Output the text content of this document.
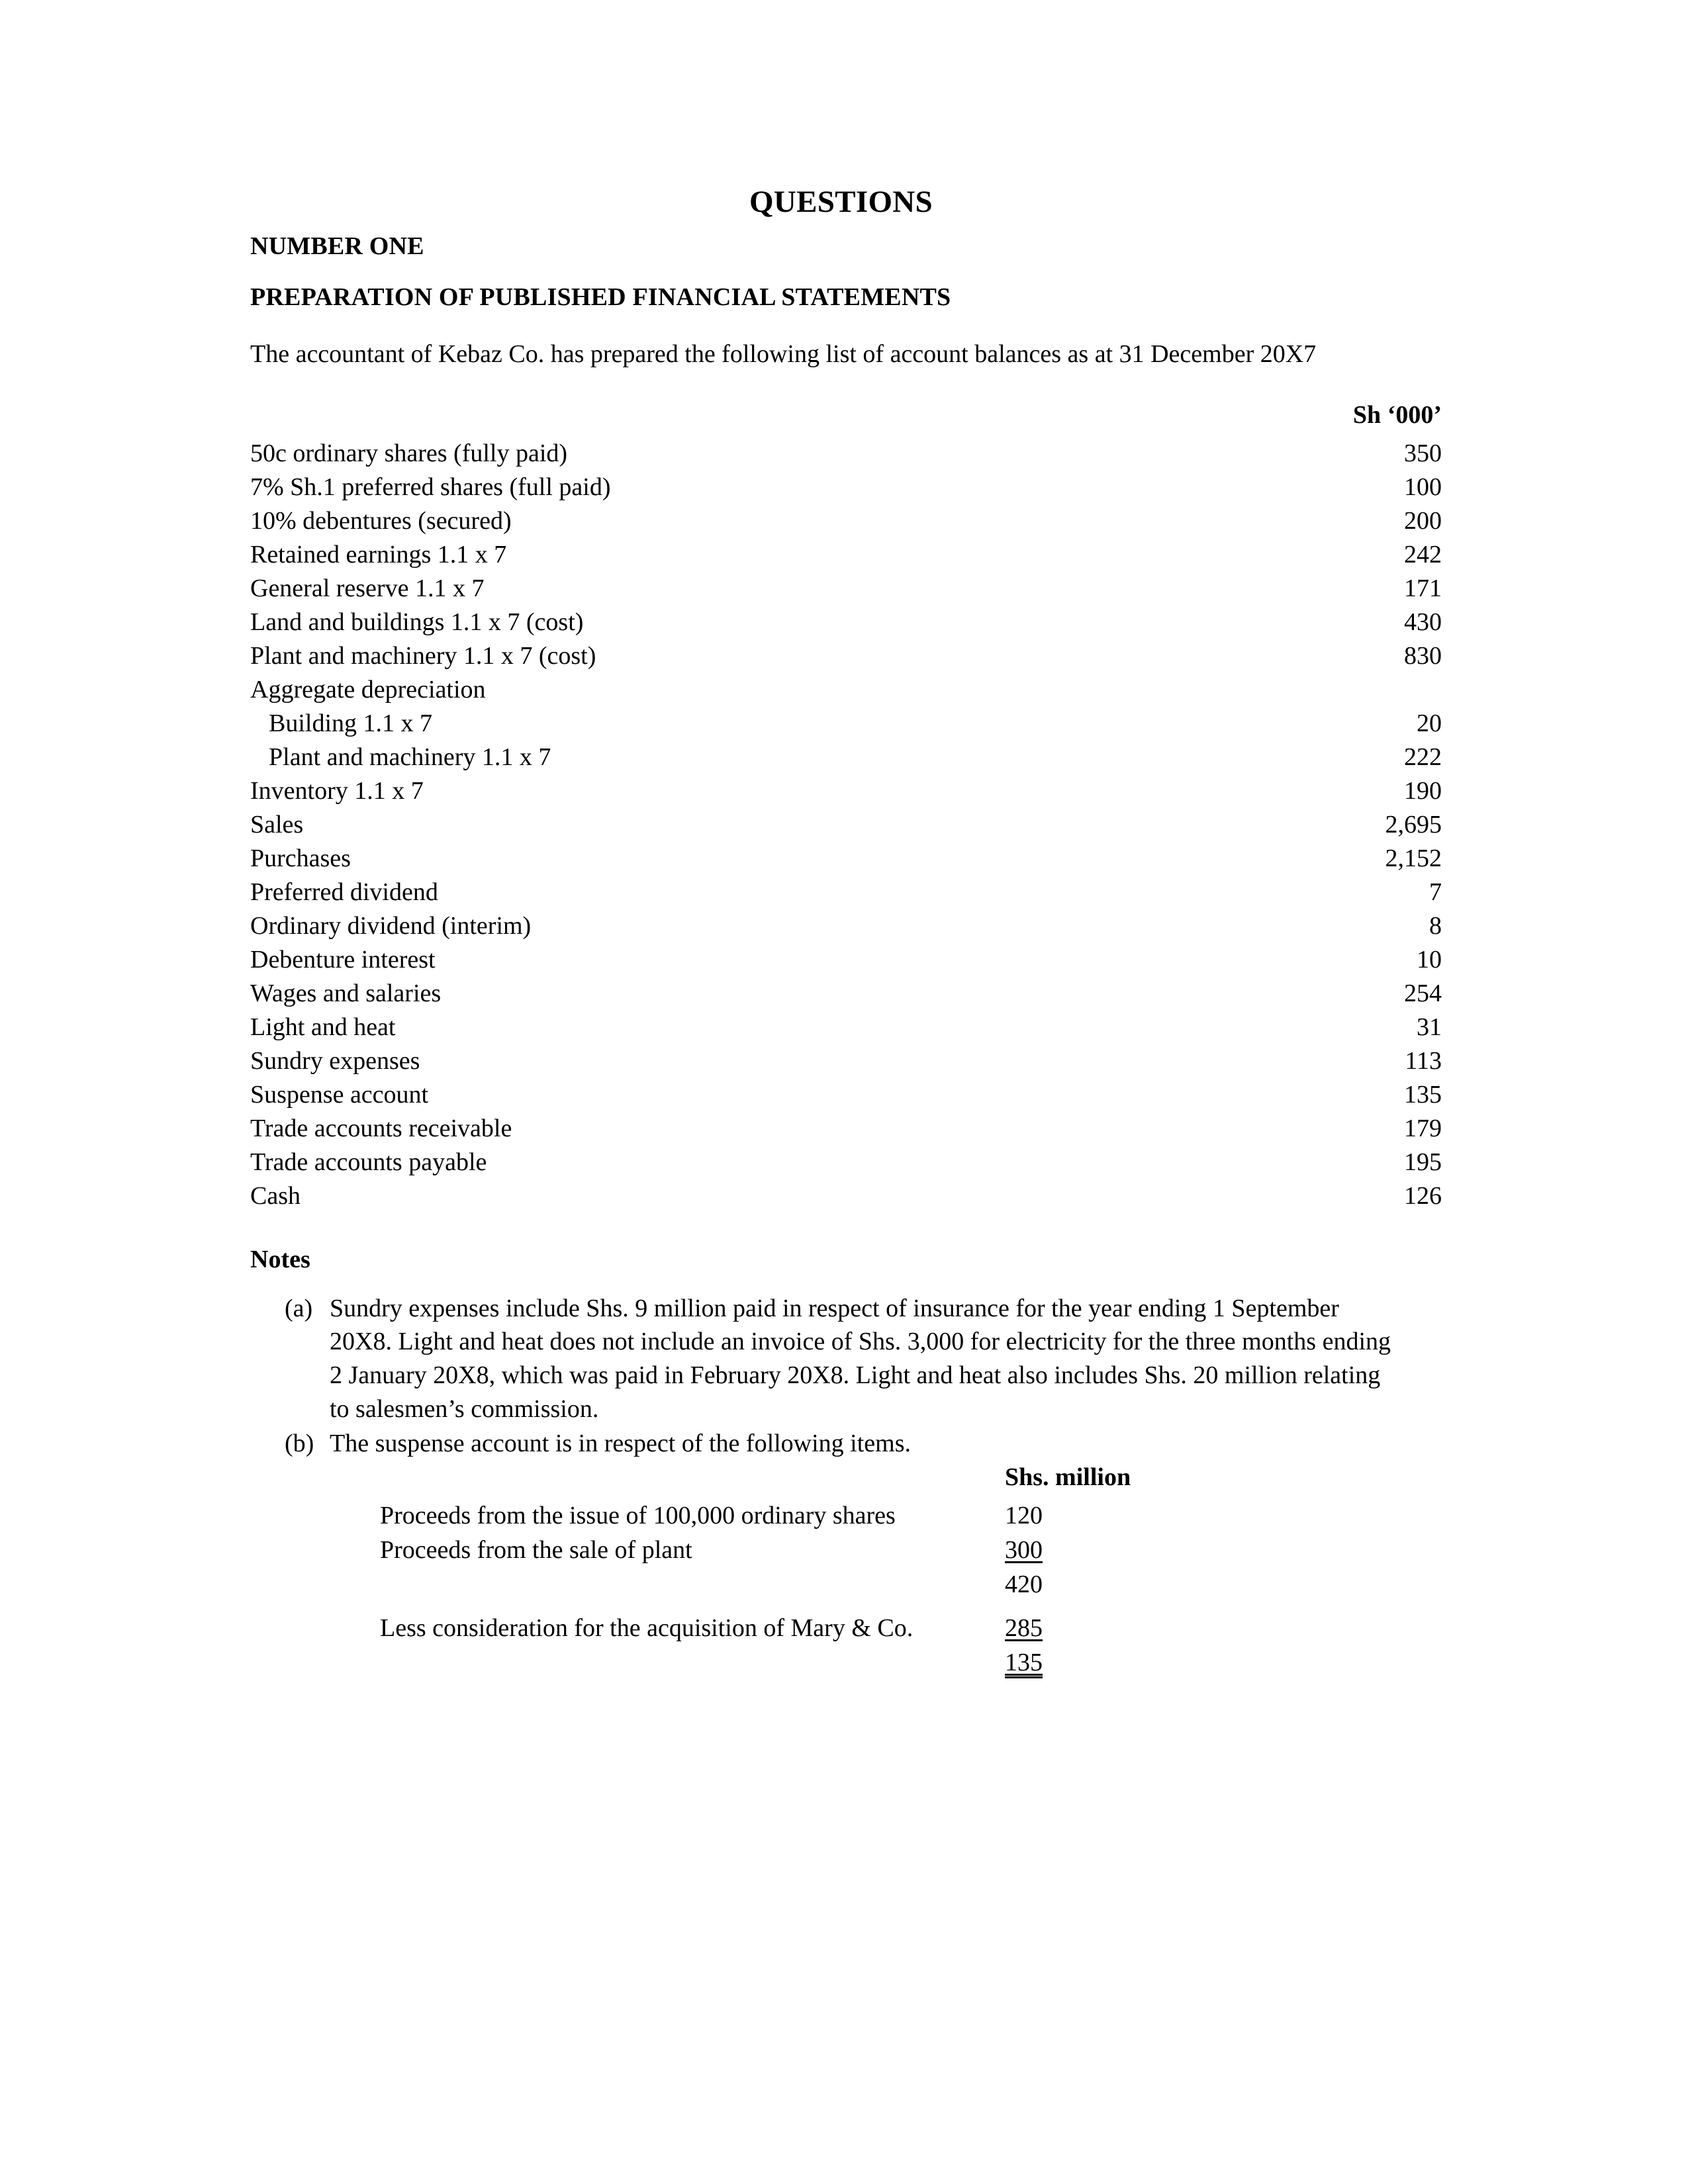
QUESTIONS
NUMBER ONE
PREPARATION OF PUBLISHED FINANCIAL STATEMENTS

The accountant of Kebaz Co. has prepared the following list of account balances as at 31 December 20X7

	Sh ‘000’
50c ordinary shares (fully paid)	350
7% Sh.1 preferred shares (full paid)	100
10% debentures (secured)	200
Retained earnings 1.1 x 7	242
General reserve 1.1 x 7	171
Land and buildings 1.1 x 7 (cost)	430
Plant and machinery 1.1 x 7 (cost)	830
Aggregate depreciation	
Building 1.1 x 7	20
Plant and machinery 1.1 x 7	222
Inventory 1.1 x 7	190
Sales	2,695
Purchases	2,152
Preferred dividend	7
Ordinary dividend (interim)	8
Debenture interest	10
Wages and salaries	254
Light and heat	31
Sundry expenses	113
Suspense account	135
Trade accounts receivable	179
Trade accounts payable	195
Cash	126
Notes
(a) Sundry expenses include Shs. 9 million paid in respect of insurance for the year ending 1 September 20X8. Light and heat does not include an invoice of Shs. 3,000 for electricity for the three months ending 2 January 20X8, which was paid in February 20X8. Light and heat also includes Shs. 20 million relating to salesmen’s commission.
(b) The suspense account is in respect of the following items.
	Shs. million
Proceeds from the issue of 100,000 ordinary shares	120
Proceeds from the sale of plant	300
	420
Less consideration for the acquisition of Mary & Co.	285
	135
